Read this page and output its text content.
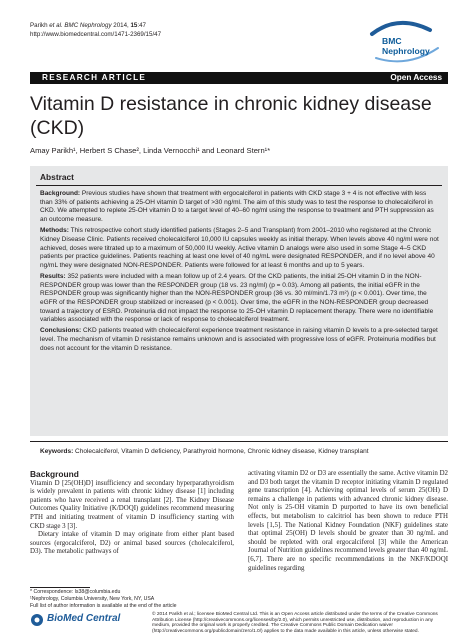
Parikh et al. BMC Nephrology 2014, 15:47
http://www.biomedcentral.com/1471-2369/15/47
BMC
Nephrology
RESEARCH ARTICLE	Open Access
Vitamin D resistance in chronic kidney disease (CKD)
Amay Parikh¹, Herbert S Chase², Linda Vernocchi¹ and Leonard Stern¹*
Abstract

Background: Previous studies have shown that treatment with ergocalciferol in patients with CKD stage 3 + 4 is not effective with less than 33% of patients achieving a 25-OH vitamin D target of >30 ng/ml. The aim of this study was to test the response to cholecalciferol in CKD. We attempted to replete 25-OH vitamin D to a target level of 40–60 ng/ml using the response to treatment and PTH suppression as an outcome measure.

Methods: This retrospective cohort study identified patients (Stages 2–5 and Transplant) from 2001–2010 who registered at the Chronic Kidney Disease Clinic. Patients received cholecalciferol 10,000 IU capsules weekly as initial therapy. When levels above 40 ng/ml were not achieved, doses were titrated up to a maximum of 50,000 IU weekly. Active vitamin D analogs were also used in some Stage 4–5 CKD patients per practice guidelines. Patients reaching at least one level of 40 ng/mL were designated RESPONDER, and if no level above 40 ng/mL they were designated NON-RESPONDER. Patients were followed for at least 6 months and up to 5 years.

Results: 352 patients were included with a mean follow up of 2.4 years. Of the CKD patients, the initial 25-OH vitamin D in the NON-RESPONDER group was lower than the RESPONDER group (18 vs. 23 ng/ml) (p = 0.03). Among all patients, the initial eGFR in the RESPONDER group was significantly higher than the NON-RESPONDER group (36 vs. 30 ml/min/1.73 m²) (p < 0.001). Over time, the eGFR of the RESPONDER group stabilized or increased (p < 0.001). Over time, the eGFR in the NON-RESPONDER group decreased toward a trajectory of ESRD. Proteinuria did not impact the response to 25-OH vitamin D replacement therapy. There were no identifiable variables associated with the response or lack of response to cholecalciferol treatment.

Conclusions: CKD patients treated with cholecalciferol experience treatment resistance in raising vitamin D levels to a pre-selected target level. The mechanism of vitamin D resistance remains unknown and is associated with progressive loss of eGFR. Proteinuria modifies but does not account for the vitamin D resistance.

Keywords: Cholecalciferol, Vitamin D deficiency, Parathyroid hormone, Chronic kidney disease, Kidney transplant
Background

Vitamin D [25(OH)D] insufficiency and secondary hyperparathyroidism is widely prevalent in patients with chronic kidney disease [1] including patients who have received a renal transplant [2]. The Kidney Disease Outcomes Quality Initiative (K/DOQI) guidelines recommend measuring PTH and initiating treatment of vitamin D insufficiency starting with CKD stage 3 [3].

Dietary intake of vitamin D may originate from either plant based sources (ergocalciferol, D2) or animal based sources (cholecalciferol, D3). The metabolic pathways of

activating vitamin D2 or D3 are essentially the same. Active vitamin D2 and D3 both target the vitamin D receptor initiating vitamin D regulated gene transcription [4]. Achieving optimal levels of serum 25(OH) D remains a challenge in patients with advanced chronic kidney disease. Not only is 25-OH vitamin D purported to have its own beneficial effects, but metabolism to calcitriol has been shown to reduce PTH levels [1,5]. The National Kidney Foundation (NKF) guidelines state that optimal 25(OH) D levels should be greater than 30 ng/mL and should be repleted with oral ergocalciferol [3] while the American Journal of Nutrition guidelines recommend levels greater than 40 ng/mL [6,7]. There are no specific recommendations in the NKF/KDOQI guidelines regarding

* Correspondence: ls38@columbia.edu
¹Nephrology, Columbia University, New York, NY, USA
Full list of author information is available at the end of the article
BioMed Central	© 2014 Parikh et al.; licensee BioMed Central Ltd. This is an Open Access article distributed under the terms of the Creative Commons Attribution License (http://creativecommons.org/licenses/by/2.0), which permits unrestricted use, distribution, and reproduction in any medium, provided the original work is properly credited. The Creative Commons Public Domain Dedication waiver (http://creativecommons.org/publicdomain/zero/1.0/) applies to the data made available in this article, unless otherwise stated.
